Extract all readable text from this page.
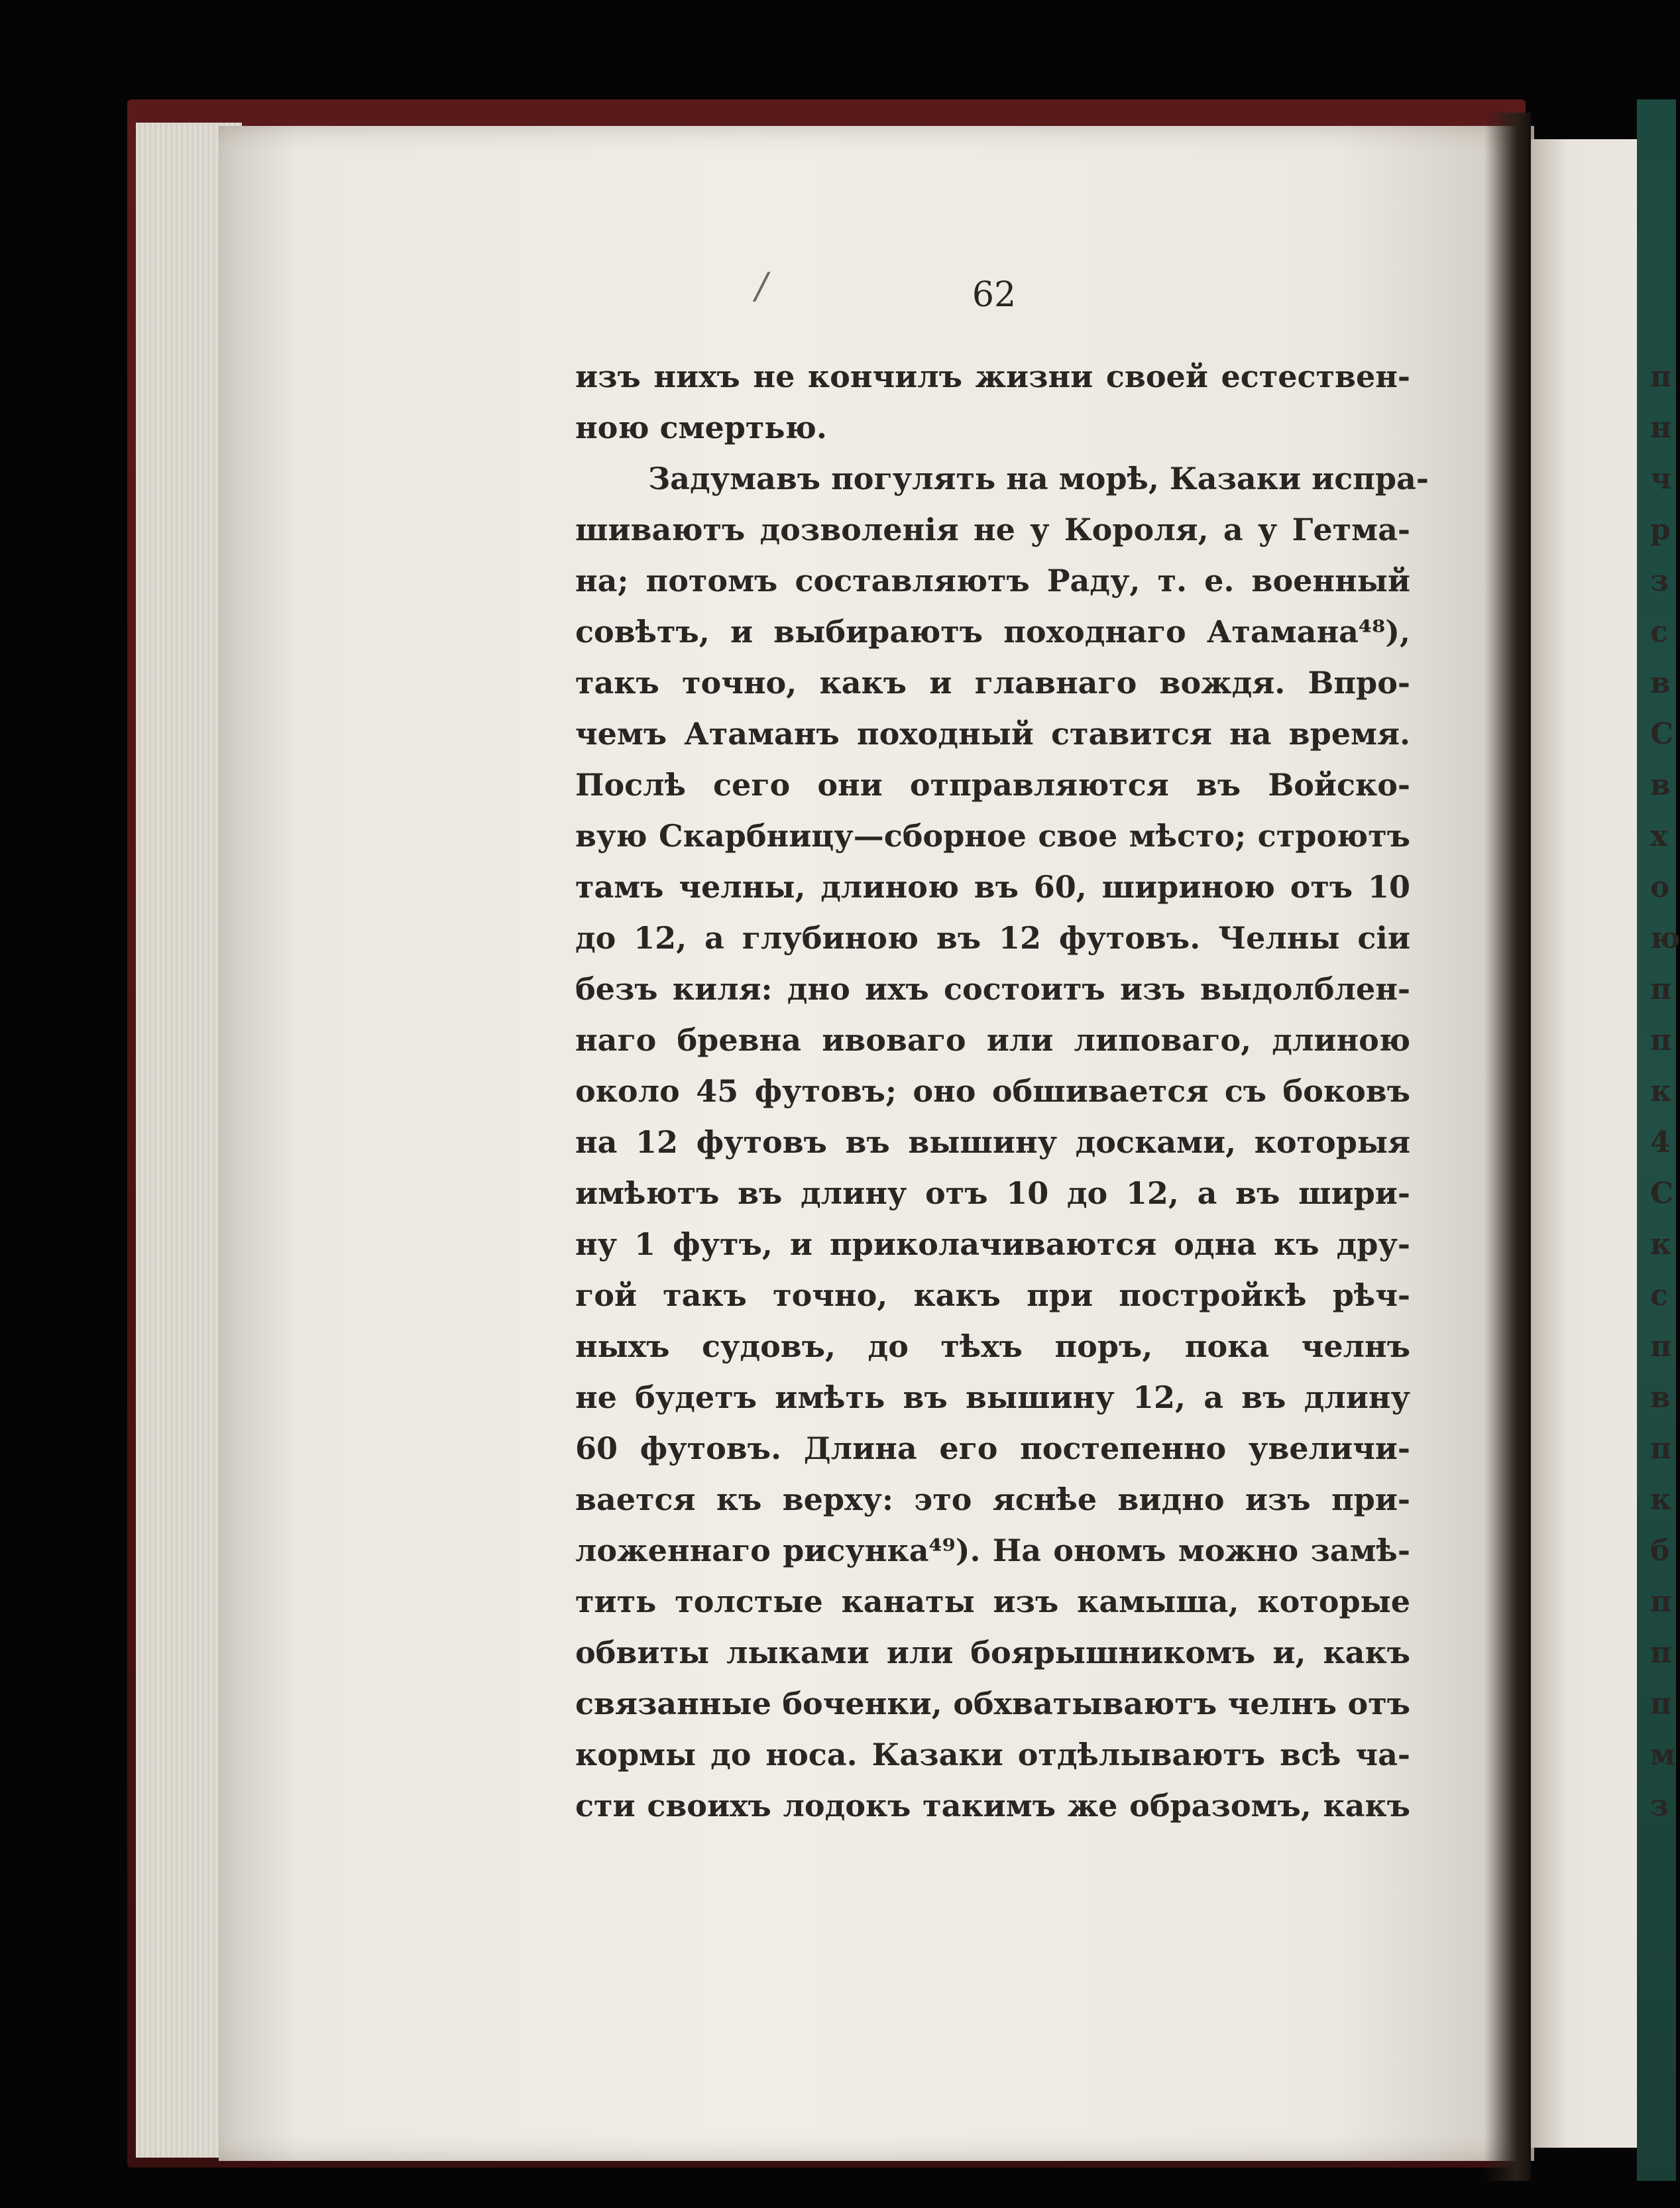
/	62
изъ нихъ не кончилъ жизни своей естествен-
ною смертью.
Задумавъ погулять на морѣ, Казаки испра-
шиваютъ дозволенія не у Короля, а у Гетма-
на; потомъ составляютъ Раду, т. е. военный
совѣтъ, и выбираютъ походнаго Атамана⁴⁸),
такъ точно, какъ и главнаго вождя. Впро-
чемъ Атаманъ походный ставится на время.
Послѣ сего они отправляются въ Войско-
вую Скарбницу—сборное свое мѣсто; строютъ
тамъ челны, длиною въ 60, шириною отъ 10
до 12, а глубиною въ 12 футовъ. Челны сіи
безъ киля: дно ихъ состоитъ изъ выдолблен-
наго бревна ивоваго или липоваго, длиною
около 45 футовъ; оно обшивается съ боковъ
на 12 футовъ въ вышину досками, которыя
имѣютъ въ длину отъ 10 до 12, а въ шири-
ну 1 футъ, и приколачиваются одна къ дру-
гой такъ точно, какъ при постройкѣ рѣч-
ныхъ судовъ, до тѣхъ поръ, пока челнъ
не будетъ имѣть въ вышину 12, а въ длину
60 футовъ. Длина его постепенно увеличи-
вается къ верху: это яснѣе видно изъ при-
ложеннаго рисунка⁴⁹). На ономъ можно замѣ-
тить толстые канаты изъ камыша, которые
обвиты лыками или боярышникомъ и, какъ
связанные боченки, обхватываютъ челнъ отъ
кормы до носа. Казаки отдѣлываютъ всѣ ча-
сти своихъ лодокъ такимъ же образомъ, какъ
п
н
ч
р
з
с
в
С
в
х
о
ю
п
п
к
4
С
к
с
п
в
п
к
б
п
п
п
м
з
